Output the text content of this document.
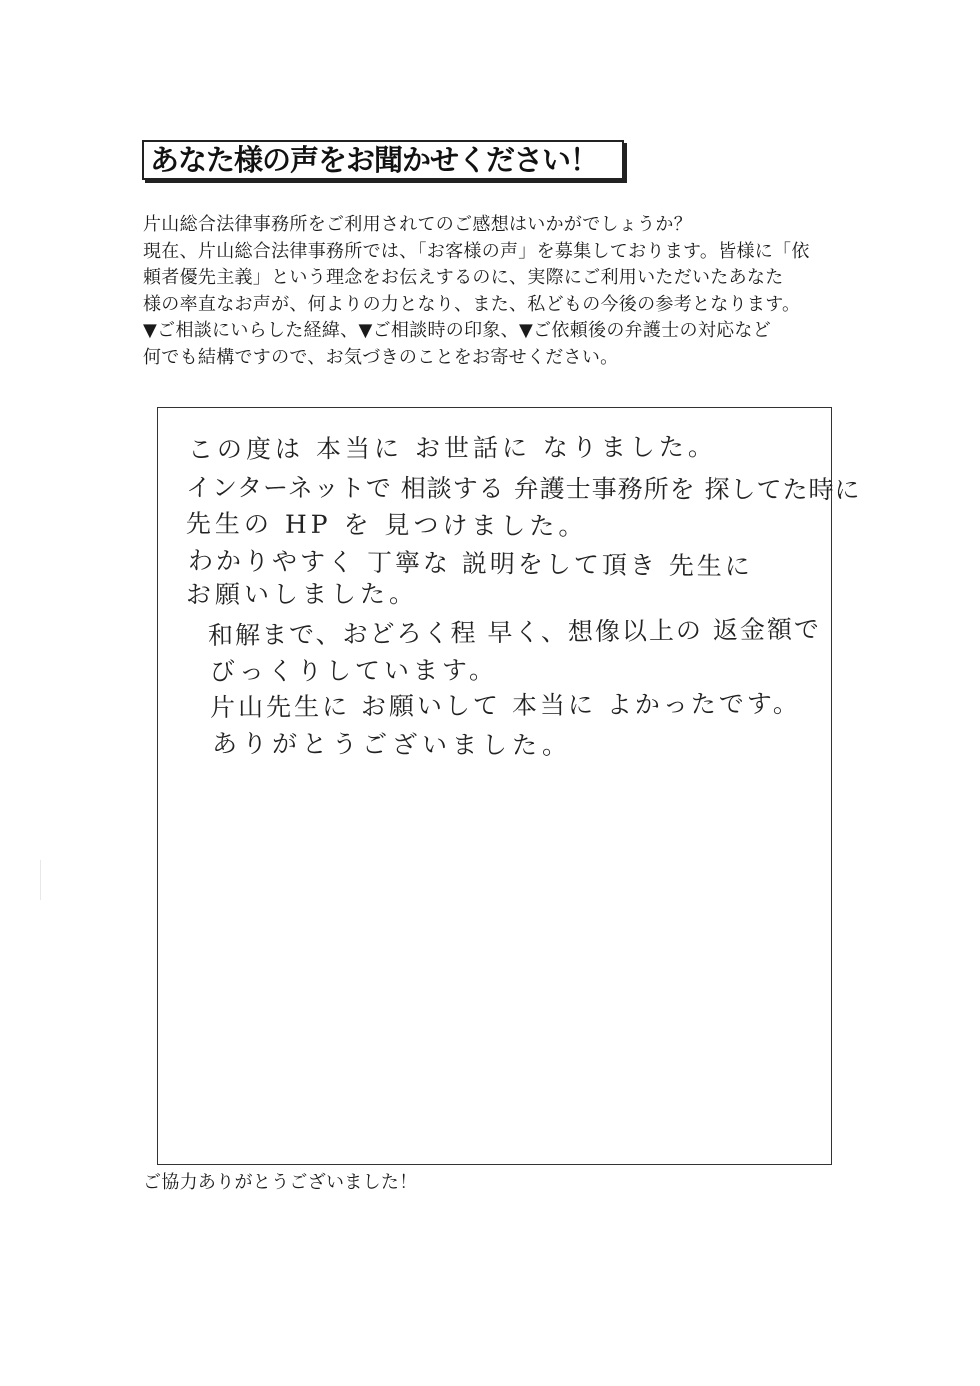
あなた様の声をお聞かせください！
片山総合法律事務所をご利用されてのご感想はいかがでしょうか？
現在、片山総合法律事務所では、「お客様の声」を募集しております。皆様に「依
頼者優先主義」という理念をお伝えするのに、実際にご利用いただいたあなた
様の率直なお声が、何よりの力となり、また、私どもの今後の参考となります。
▼ご相談にいらした経緯、▼ご相談時の印象、▼ご依頼後の弁護士の対応など
何でも結構ですので、お気づきのことをお寄せください。
この度は 本当に お世話に なりました。
インターネットで 相談する 弁護士事務所を 探してた時に
先生の HP を 見つけました。
わかりやすく 丁寧な 説明をして頂き 先生に
お願いしました。
和解まで、おどろく程 早く、想像以上の 返金額で
びっくりしています。
片山先生に お願いして 本当に よかったです。
ありがとうございました。
ご協力ありがとうございました！
